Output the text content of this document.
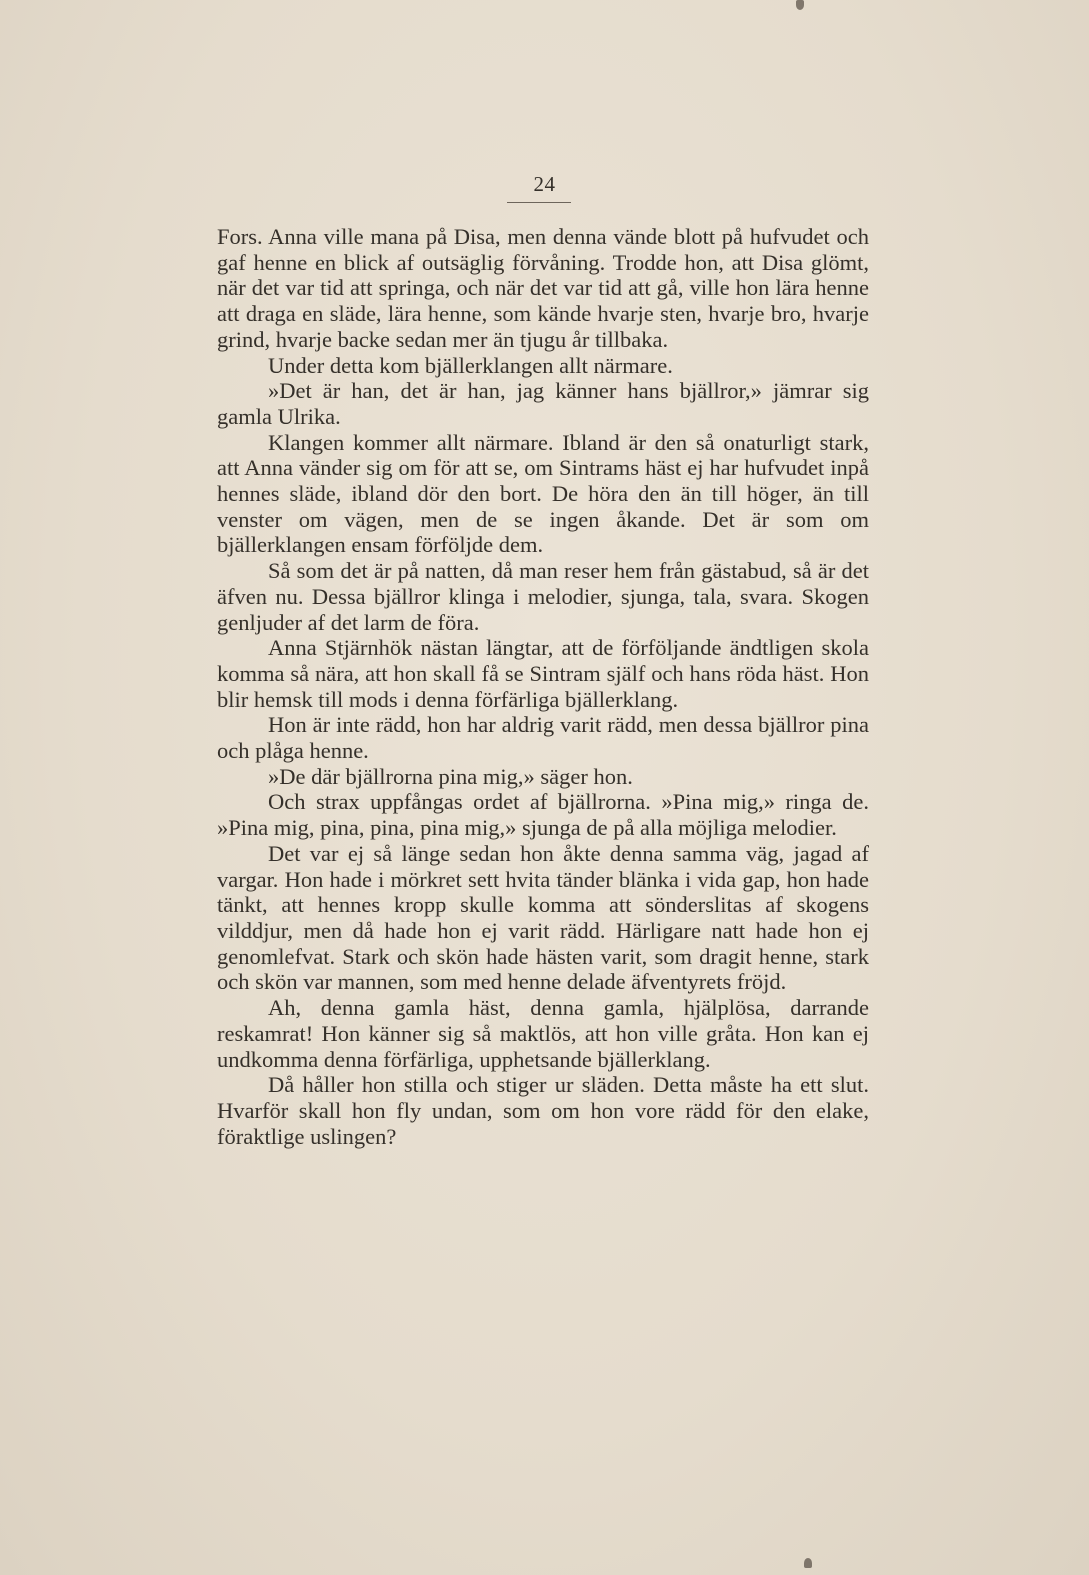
24

Fors. Anna ville mana på Disa, men denna vände blott på hufvudet och gaf henne en blick af outsäglig förvåning. Trodde hon, att Disa glömt, när det var tid att springa, och när det var tid att gå, ville hon lära henne att draga en släde, lära henne, som kände hvarje sten, hvarje bro, hvarje grind, hvarje backe sedan mer än tjugu år tillbaka.

Under detta kom bjällerklangen allt närmare.

»Det är han, det är han, jag känner hans bjällror,» jämrar sig gamla Ulrika.

Klangen kommer allt närmare. Ibland är den så onaturligt stark, att Anna vänder sig om för att se, om Sintrams häst ej har hufvudet inpå hennes släde, ibland dör den bort. De höra den än till höger, än till venster om vägen, men de se ingen åkande. Det är som om bjällerklangen ensam förföljde dem.

Så som det är på natten, då man reser hem från gästabud, så är det äfven nu. Dessa bjällror klinga i melodier, sjunga, tala, svara. Skogen genljuder af det larm de föra.

Anna Stjärnhök nästan längtar, att de förföljande ändtligen skola komma så nära, att hon skall få se Sintram själf och hans röda häst. Hon blir hemsk till mods i denna förfärliga bjällerklang.

Hon är inte rädd, hon har aldrig varit rädd, men dessa bjällror pina och plåga henne.

»De där bjällrorna pina mig,» säger hon.

Och strax uppfångas ordet af bjällrorna. »Pina mig,» ringa de. »Pina mig, pina, pina, pina mig,» sjunga de på alla möjliga melodier.

Det var ej så länge sedan hon åkte denna samma väg, jagad af vargar. Hon hade i mörkret sett hvita tänder blänka i vida gap, hon hade tänkt, att hennes kropp skulle komma att sönderslitas af skogens vilddjur, men då hade hon ej varit rädd. Härligare natt hade hon ej genomlefvat. Stark och skön hade hästen varit, som dragit henne, stark och skön var mannen, som med henne delade äfventyrets fröjd.

Ah, denna gamla häst, denna gamla, hjälplösa, darrande reskamrat! Hon känner sig så maktlös, att hon ville gråta. Hon kan ej undkomma denna förfärliga, upphetsande bjällerklang.

Då håller hon stilla och stiger ur släden. Detta måste ha ett slut. Hvarför skall hon fly undan, som om hon vore rädd för den elake, föraktlige uslingen?
